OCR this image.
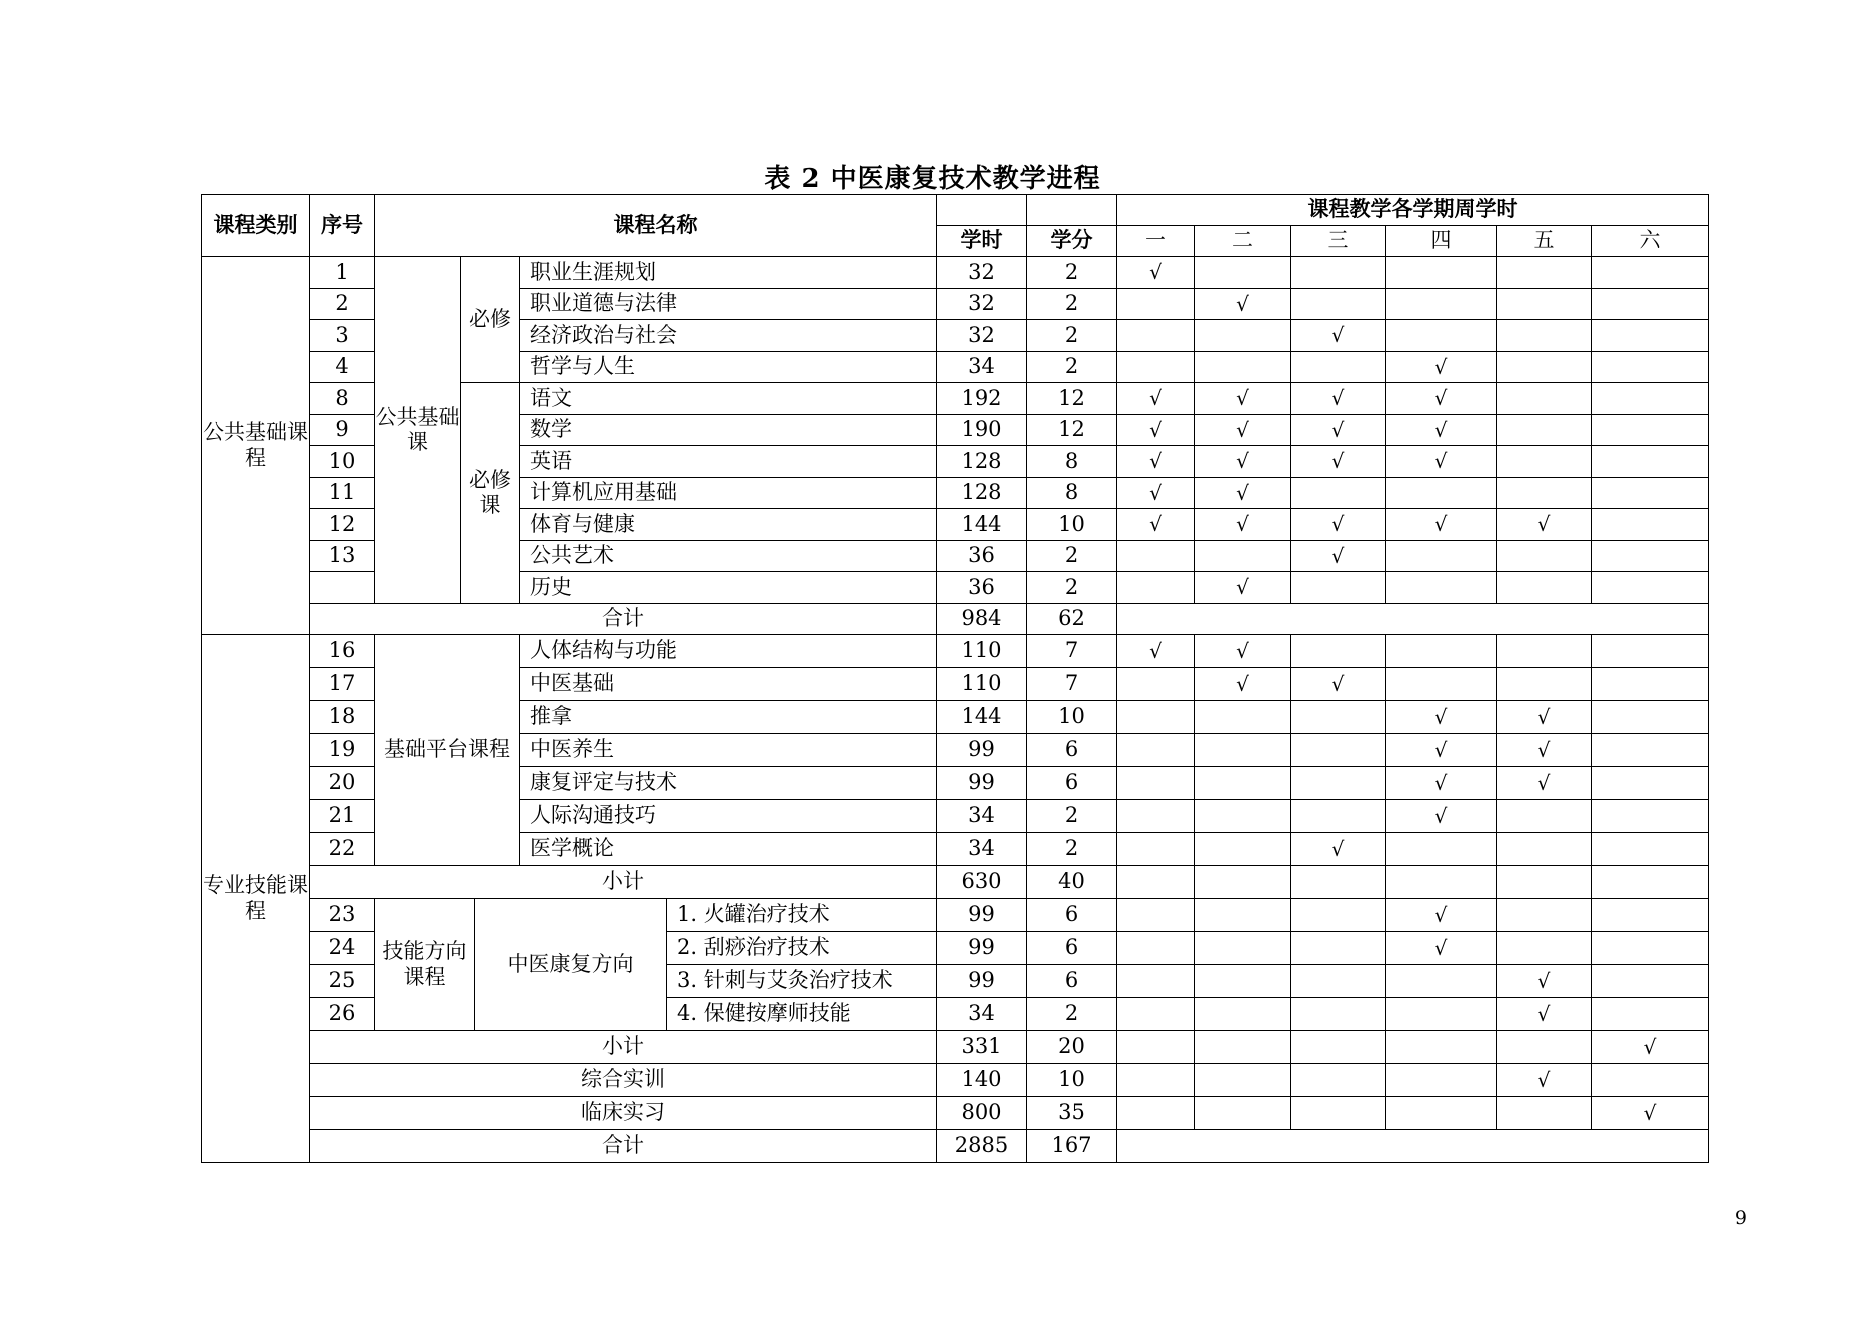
表 2 中医康复技术教学进程
课程类别	序号	课程名称							课程教学各学期周学时					
							学时	学分	一	二	三	四	五	六
公共基础课程	1	公共基础课	必修		职业生涯规划		32	2	√					
	2				职业道德与法律		32	2		√				
	3				经济政治与社会		32	2			√			
	4				哲学与人生		34	2				√		
	8		必修课		语文		192	12	√	√	√	√		
	9				数学		190	12	√	√	√	√		
	10				英语		128	8	√	√	√	√		
	11				计算机应用基础		128	8	√	√				
	12				体育与健康		144	10	√	√	√	√	√	
	13				公共艺术		36	2			√			
					历史		36	2		√				
	合计						984	62						
专业技能课程	16	基础平台课程			人体结构与功能		110	7	√	√				
	17				中医基础		110	7		√	√			
	18				推拿		144	10				√	√	
	19				中医养生		99	6				√	√	
	20				康复评定与技术		99	6				√	√	
	21				人际沟通技巧		34	2				√		
	22				医学概论		34	2			√			
	小计						630	40						
	23	技能方向课程		中医康复方向		1. 火罐治疗技术	99	6				√		
	24					2. 刮痧治疗技术	99	6				√		
	25					3. 针刺与艾灸治疗技术	99	6					√	
	26					4. 保健按摩师技能	34	2					√	
	小计						331	20						√
	综合实训						140	10					√	
	临床实习						800	35						√
	合计						2885	167						
9
